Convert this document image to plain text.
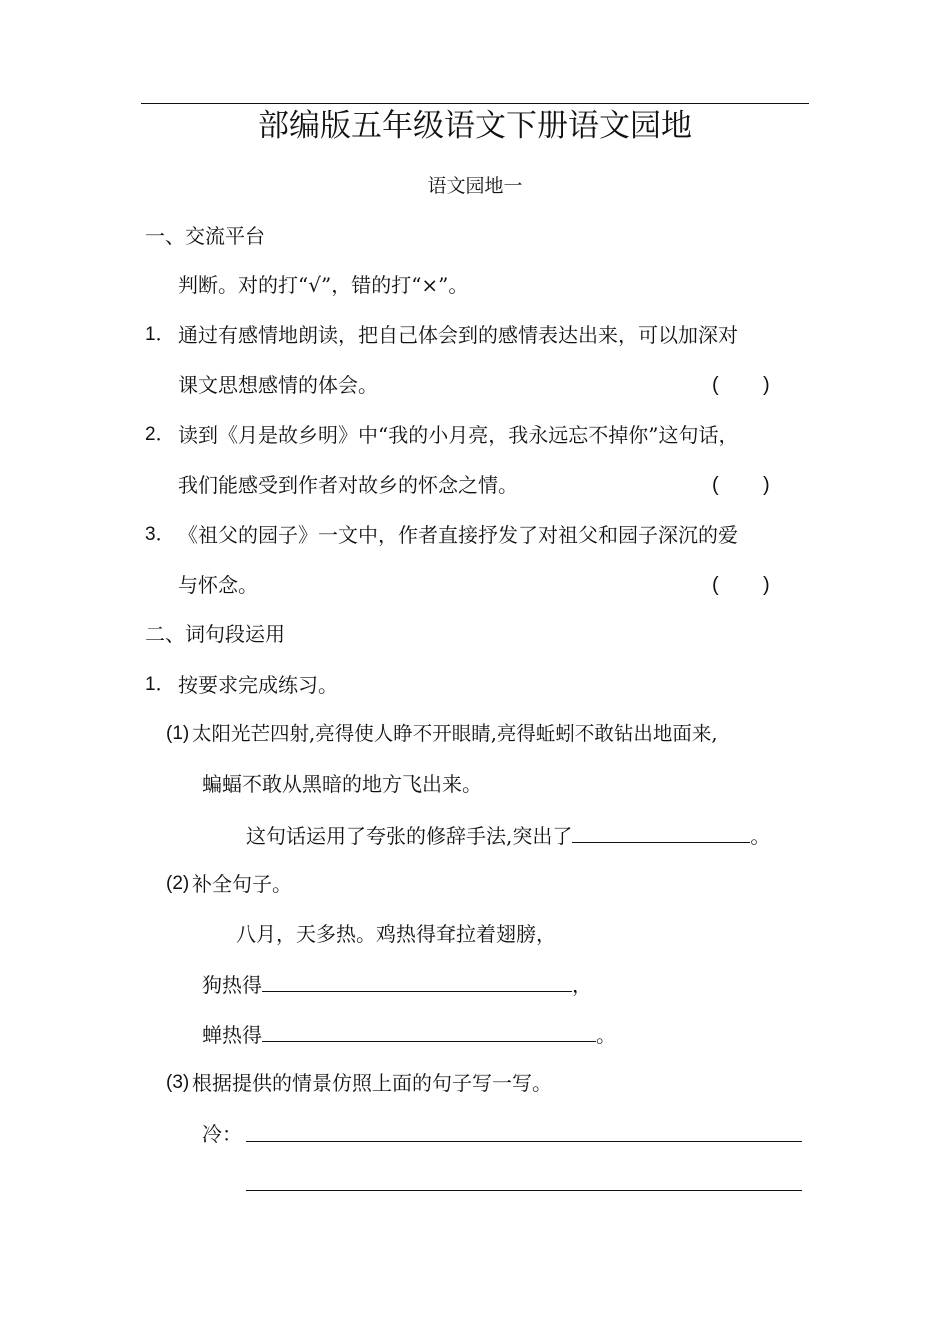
部编版五年级语文下册语文园地
语文园地一
一、交流平台
判断。对的打“√”，错的打“×”。
1． 通过有感情地朗读，把自己体会到的感情表达出来，可以加深对
课文思想感情的体会。	( )
2． 读到《月是故乡明》中“我的小月亮，我永远忘不掉你”这句话，
我们能感受到作者对故乡的怀念之情。	( )
3． 《祖父的园子》一文中，作者直接抒发了对祖父和园子深沉的爱
与怀念。	( )
二、词句段运用
1． 按要求完成练习。
(1) 太阳光芒四射,亮得使人睁不开眼睛,亮得蚯蚓不敢钻出地面来,
蝙蝠不敢从黑暗的地方飞出来。
这句话运用了夸张的修辞手法,突出了	。
(2) 补全句子。
八月，天多热。鸡热得耷拉着翅膀，
狗热得	，
蝉热得	。
(3) 根据提供的情景仿照上面的句子写一写。
冷：
